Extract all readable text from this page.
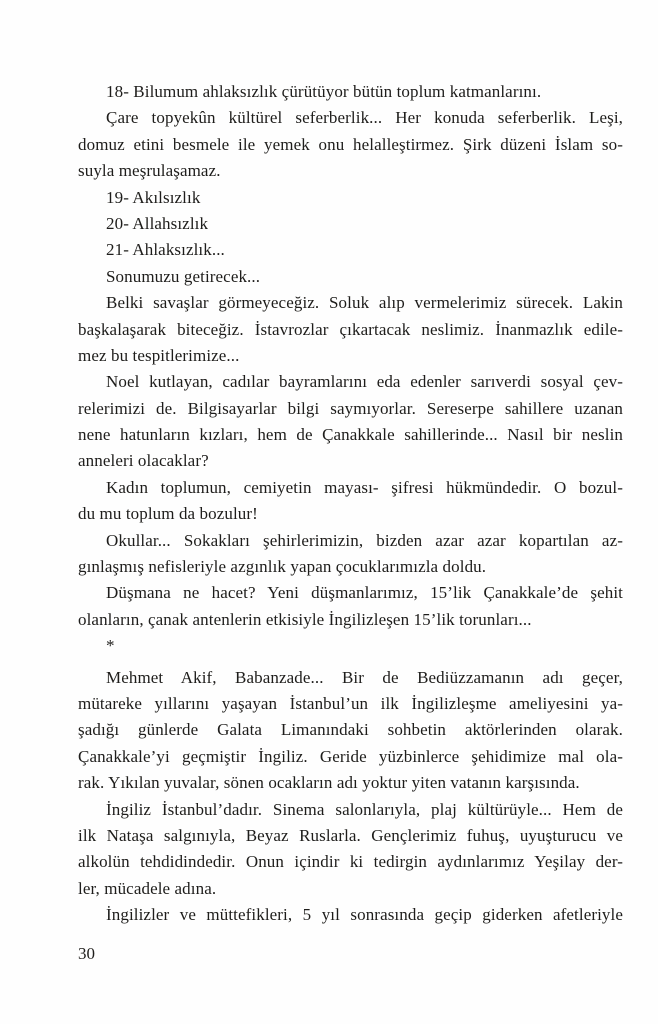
18- Bilumum ahlaksızlık çürütüyor bütün toplum katmanlarını.
Çare topyekûn kültürel seferberlik... Her konuda seferberlik. Leşi,
domuz etini besmele ile yemek onu helalleştirmez. Şirk düzeni İslam so-
suyla meşrulaşamaz.
19- Akılsızlık
20- Allahsızlık
21- Ahlaksızlık...
Sonumuzu getirecek...
Belki savaşlar görmeyeceğiz. Soluk alıp vermelerimiz sürecek. Lakin
başkalaşarak biteceğiz. İstavrozlar çıkartacak neslimiz. İnanmazlık edile-
mez bu tespitlerimize...
Noel kutlayan, cadılar bayramlarını eda edenler sarıverdi sosyal çev-
relerimizi de. Bilgisayarlar bilgi saymıyorlar. Sereserpe sahillere uzanan
nene hatunların kızları, hem de Çanakkale sahillerinde... Nasıl bir neslin
anneleri olacaklar?
Kadın toplumun, cemiyetin mayası- şifresi hükmündedir. O bozul-
du mu toplum da bozulur!
Okullar... Sokakları şehirlerimizin, bizden azar azar kopartılan az-
gınlaşmış nefisleriyle azgınlık yapan çocuklarımızla doldu.
Düşmana ne hacet? Yeni düşmanlarımız, 15’lik Çanakkale’de şehit
olanların, çanak antenlerin etkisiyle İngilizleşen 15’lik torunları...
*
Mehmet Akif, Babanzade... Bir de Bediüzzamanın adı geçer,
mütareke yıllarını yaşayan İstanbul’un ilk İngilizleşme ameliyesini ya-
şadığı günlerde Galata Limanındaki sohbetin aktörlerinden olarak.
Çanakkale’yi geçmiştir İngiliz. Geride yüzbinlerce şehidimize mal ola-
rak. Yıkılan yuvalar, sönen ocakların adı yoktur yiten vatanın karşısında.
İngiliz İstanbul’dadır. Sinema salonlarıyla, plaj kültürüyle... Hem de
ilk Nataşa salgınıyla, Beyaz Ruslarla. Gençlerimiz fuhuş, uyuşturucu ve
alkolün tehdidindedir. Onun içindir ki tedirgin aydınlarımız Yeşilay der-
ler, mücadele adına.
İngilizler ve müttefikleri, 5 yıl sonrasında geçip giderken afetleriyle
30
